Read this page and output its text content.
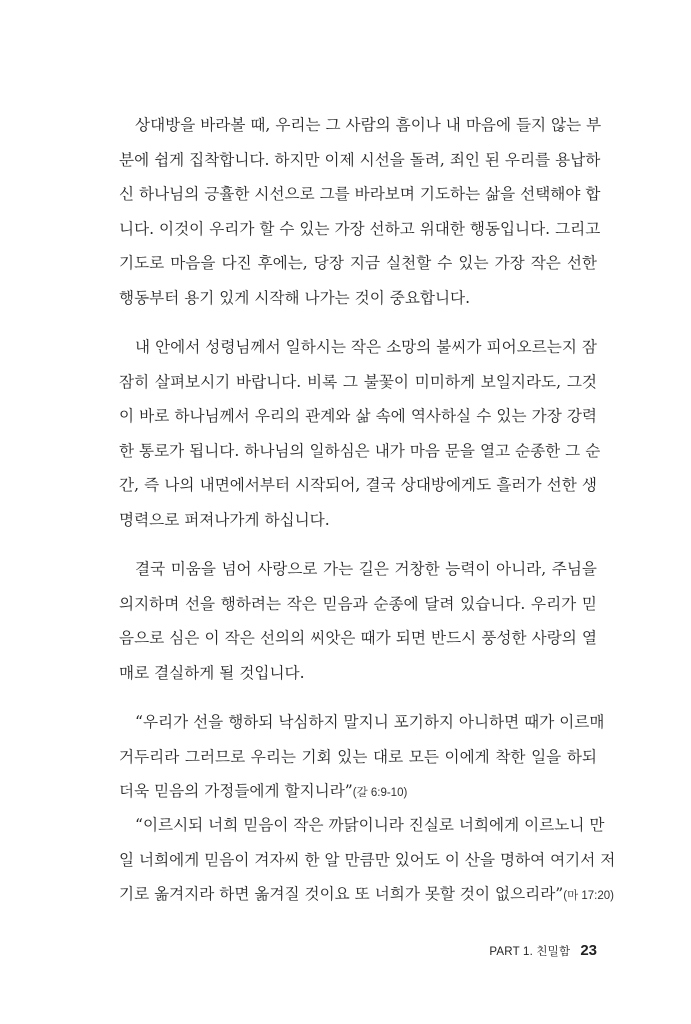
상대방을 바라볼 때, 우리는 그 사람의 흠이나 내 마음에 들지 않는 부
분에 쉽게 집착합니다. 하지만 이제 시선을 돌려, 죄인 된 우리를 용납하
신 하나님의 긍휼한 시선으로 그를 바라보며 기도하는 삶을 선택해야 합
니다. 이것이 우리가 할 수 있는 가장 선하고 위대한 행동입니다. 그리고
기도로 마음을 다진 후에는, 당장 지금 실천할 수 있는 가장 작은 선한
행동부터 용기 있게 시작해 나가는 것이 중요합니다.
내 안에서 성령님께서 일하시는 작은 소망의 불씨가 피어오르는지 잠
잠히 살펴보시기 바랍니다. 비록 그 불꽃이 미미하게 보일지라도, 그것
이 바로 하나님께서 우리의 관계와 삶 속에 역사하실 수 있는 가장 강력
한 통로가 됩니다. 하나님의 일하심은 내가 마음 문을 열고 순종한 그 순
간, 즉 나의 내면에서부터 시작되어, 결국 상대방에게도 흘러가 선한 생
명력으로 퍼져나가게 하십니다.
결국 미움을 넘어 사랑으로 가는 길은 거창한 능력이 아니라, 주님을
의지하며 선을 행하려는 작은 믿음과 순종에 달려 있습니다. 우리가 믿
음으로 심은 이 작은 선의의 씨앗은 때가 되면 반드시 풍성한 사랑의 열
매로 결실하게 될 것입니다.
“우리가 선을 행하되 낙심하지 말지니 포기하지 아니하면 때가 이르매
거두리라 그러므로 우리는 기회 있는 대로 모든 이에게 착한 일을 하되
더욱 믿음의 가정들에게 할지니라”(갈 6:9-10)
“이르시되 너희 믿음이 작은 까닭이니라 진실로 너희에게 이르노니 만
일 너희에게 믿음이 겨자씨 한 알 만큼만 있어도 이 산을 명하여 여기서 저
기로 옮겨지라 하면 옮겨질 것이요 또 너희가 못할 것이 없으리라”(마 17:20)
PART 1. 친밀함 23
